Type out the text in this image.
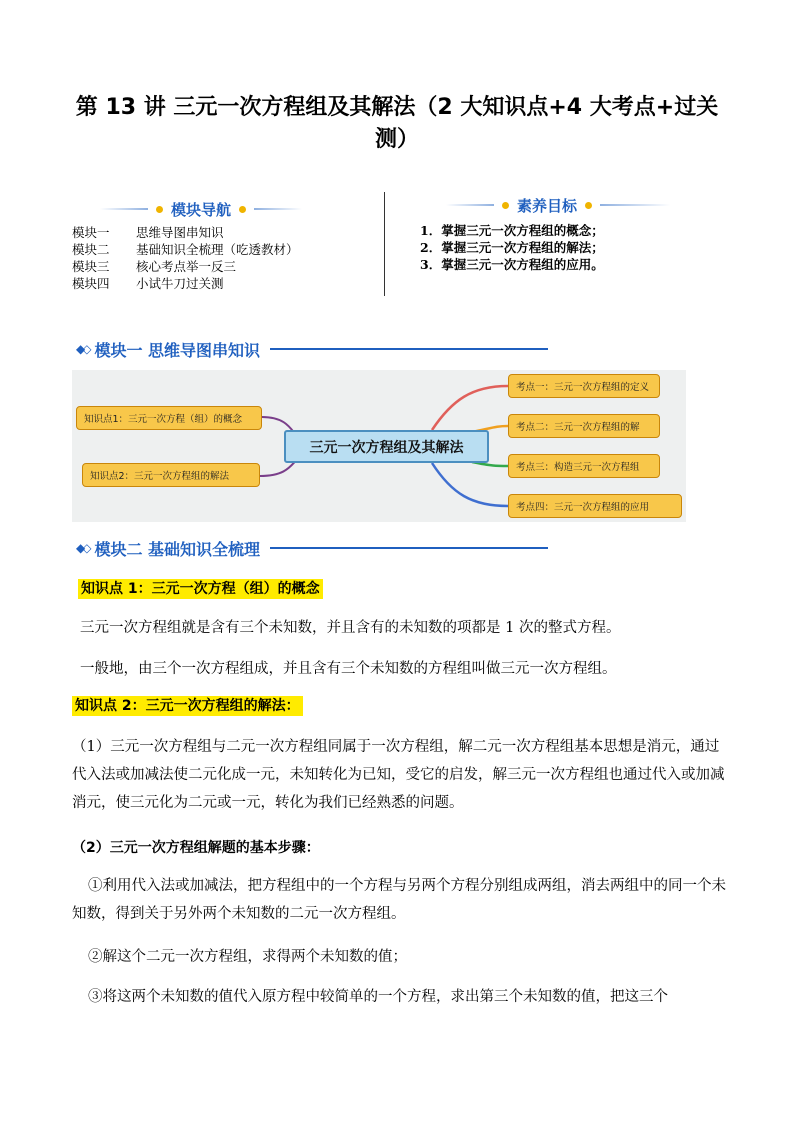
第 13 讲 三元一次方程组及其解法（2 大知识点+4 大考点+过关测）
模块导航
模块一	思维导图串知识
模块二	基础知识全梳理（吃透教材）
模块三	核心考点举一反三
模块四	小试牛刀过关测
素养目标
1．掌握三元一次方程组的概念；
2．掌握三元一次方程组的解法；
3．掌握三元一次方程组的应用。
◆◇ 模块一 思维导图串知识
知识点1：三元一次方程（组）的概念
知识点2：三元一次方程组的解法
三元一次方程组及其解法
考点一：三元一次方程组的定义
考点二：三元一次方程组的解
考点三：构造三元一次方程组
考点四：三元一次方程组的应用
◆◇ 模块二 基础知识全梳理
知识点 1：三元一次方程（组）的概念
三元一次方程组就是含有三个未知数，并且含有的未知数的项都是 1 次的整式方程。
一般地，由三个一次方程组成，并且含有三个未知数的方程组叫做三元一次方程组。
知识点 2：三元一次方程组的解法：
（1）三元一次方程组与二元一次方程组同属于一次方程组，解二元一次方程组基本思想是消元，通过代入法或加减法使二元化成一元，未知转化为已知，受它的启发，解三元一次方程组也通过代入或加减消元，使三元化为二元或一元，转化为我们已经熟悉的问题。
（2）三元一次方程组解题的基本步骤：
①利用代入法或加减法，把方程组中的一个方程与另两个方程分别组成两组，消去两组中的同一个未知数，得到关于另外两个未知数的二元一次方程组。
②解这个二元一次方程组，求得两个未知数的值；
③将这两个未知数的值代入原方程中较简单的一个方程，求出第三个未知数的值，把这三个
